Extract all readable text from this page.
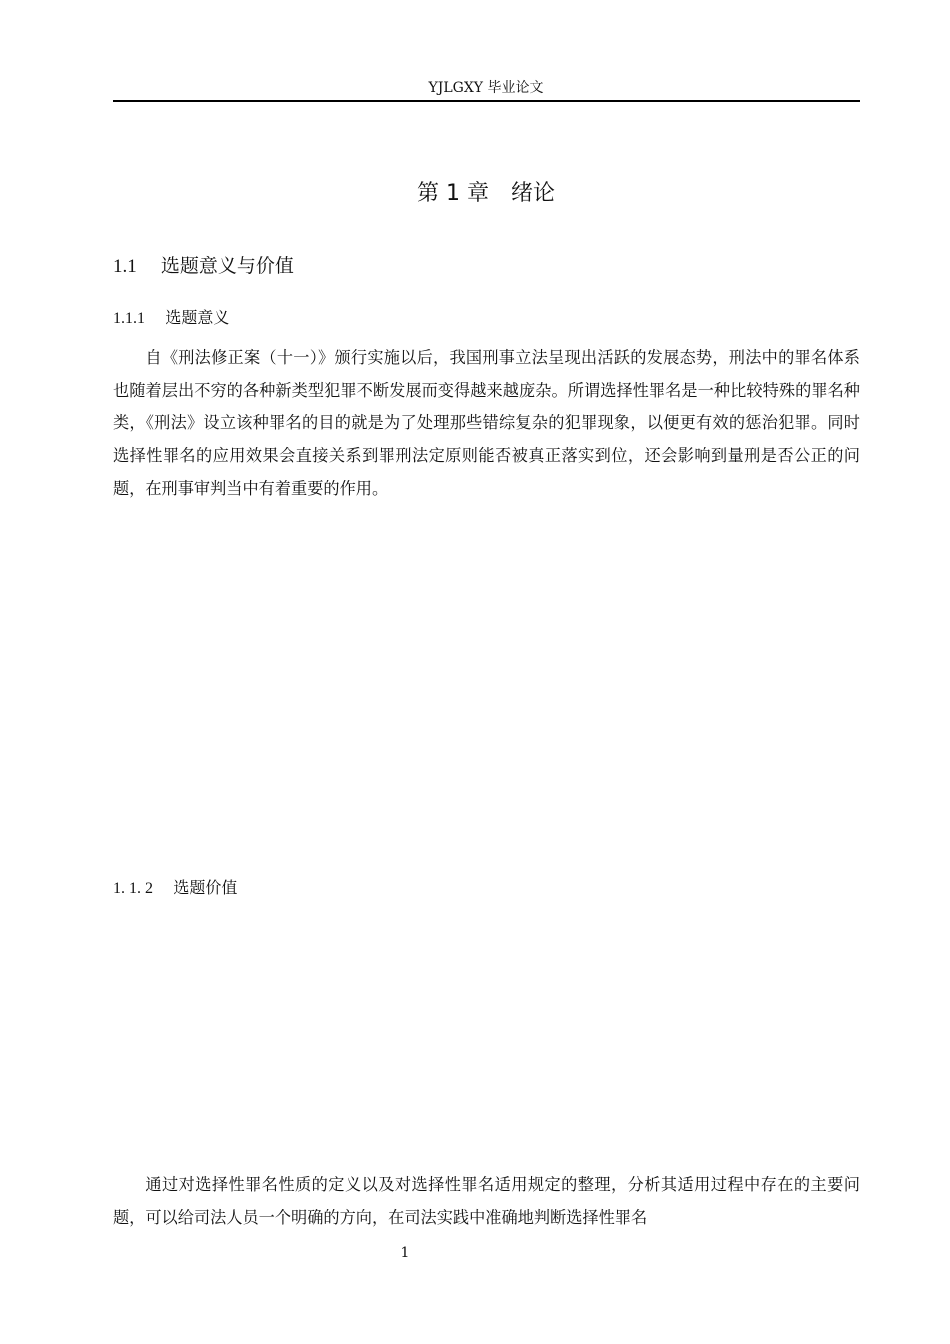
YJLGXY 毕业论文
第 1 章　绪论
1.1 选题意义与价值
1.1.1 选题意义

自《刑法修正案（十一）》颁行实施以后，我国刑事立法呈现出活跃的发展态势，刑法中的罪名体系也随着层出不穷的各种新类型犯罪不断发展而变得越来越庞杂。所谓选择性罪名是一种比较特殊的罪名种类，《刑法》设立该种罪名的目的就是为了处理那些错综复杂的犯罪现象，以便更有效的惩治犯罪。同时选择性罪名的应用效果会直接关系到罪刑法定原则能否被真正落实到位，还会影响到量刑是否公正的问题，在刑事审判当中有着重要的作用。

1. 1. 2 选题价值

通过对选择性罪名性质的定义以及对选择性罪名适用规定的整理，分析其适用过程中存在的主要问题，可以给司法人员一个明确的方向，在司法实践中准确地判断选择性罪名

1
